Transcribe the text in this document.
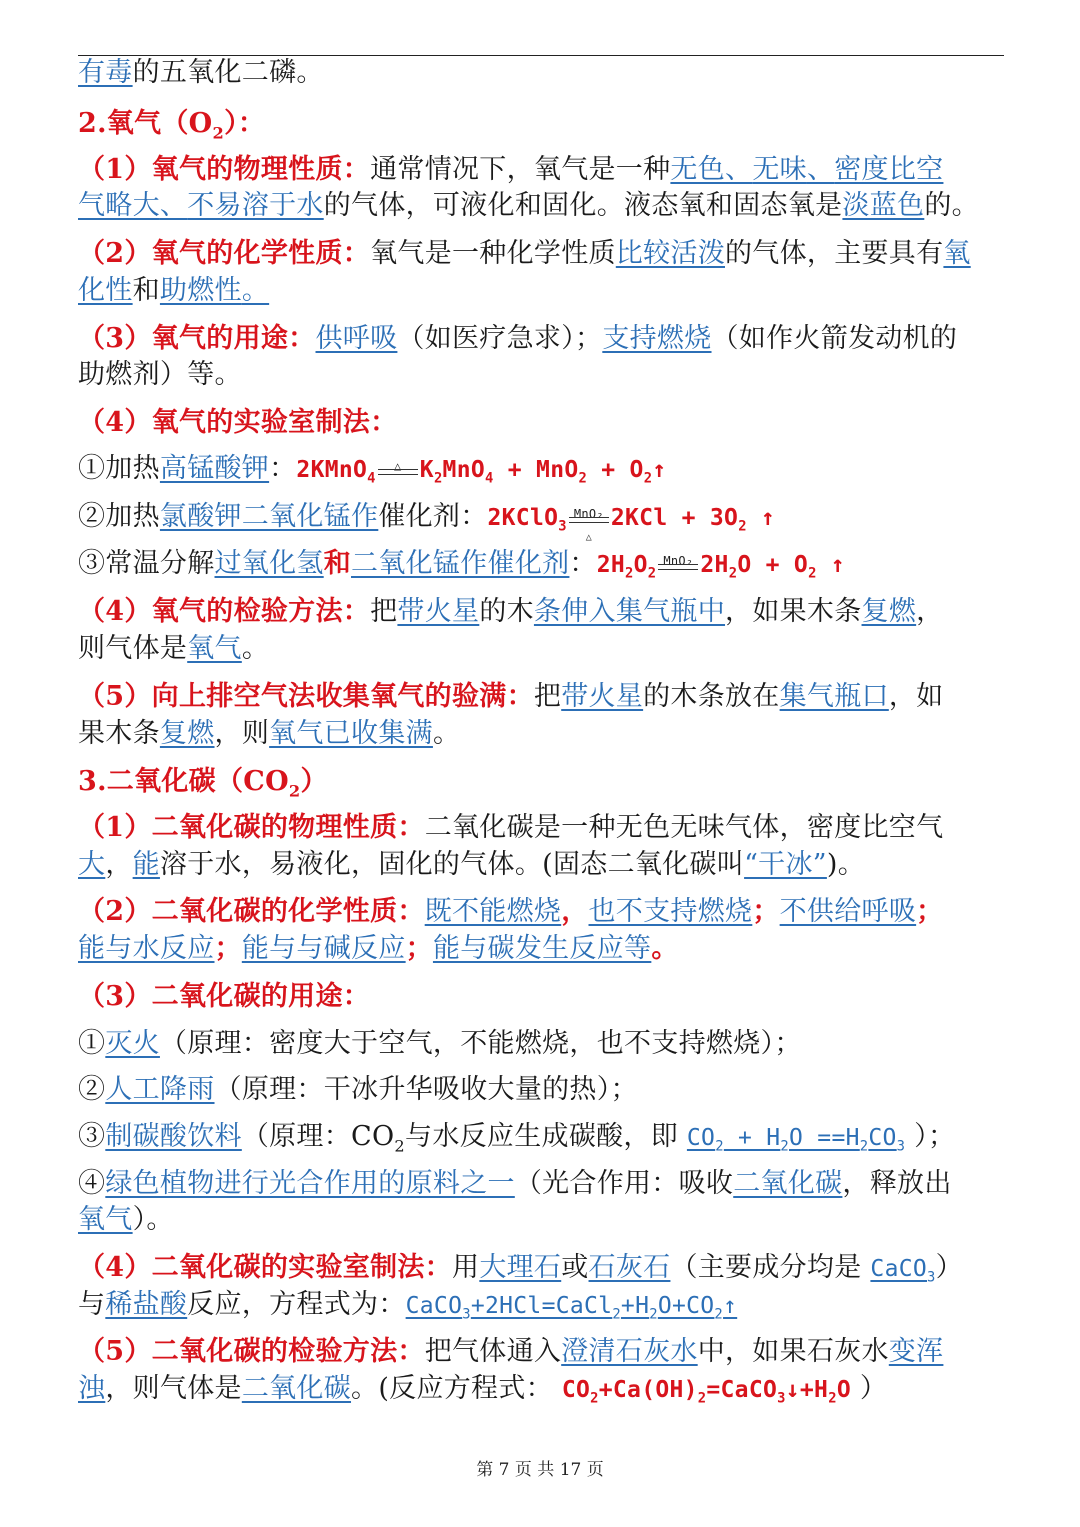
有毒的五氧化二磷。
2.氧气$(O_2)$：
（1）氧气的物理性质：通常情况下，氧气是一种无色、无味、密度比空
气略大、不易溶于水的气体，可液化和固化。液态氧和固态氧是淡蓝色的。
（2）氧气的化学性质：氧气是一种化学性质比较活泼的气体，主要具有氧
化性和助燃性。
（3）氧气的用途：供呼吸（如医疗急求）；支持燃烧（如作火箭发动机的
助燃剂）等。
（4）氧气的实验室制法：
①加热高锰酸钾：2KMnO$_4$
△ $K_2MnO_4 + MnO_2$ + $O_2↑$
②加热氯酸钾二氧化锰作催化剂：2KClO$_3$
MnO₂
△
$2KCl + 3O_2$ ↑
③常温分解过氧化氢和二氧化锰作催化剂：$2H_2O_2$
MnO₂ $2H_2O + O_2$ ↑
（4）氧气的检验方法：把带火星的木条伸入集气瓶中，如果木条复燃，
则气体是氧气。
（5）向上排空气法收集氧气的验满：把带火星的木条放在集气瓶口，如
果木条复燃，则氧气已收集满。
3.二氧化碳$(CO_2)$
（1）二氧化碳的物理性质：二氧化碳是一种无色无味气体，密度比空气
大，能溶于水，易液化，固化的气体。(固态二氧化碳叫“干冰”)。
（2）二氧化碳的化学性质：既不能燃烧，也不支持燃烧；不供给呼吸；
能与水反应；能与与碱反应；能与碳发生反应等。
（3）二氧化碳的用途：
①灭火（原理：密度大于空气，不能燃烧，也不支持燃烧）；
②人工降雨（原理：干冰升华吸收大量的热）；
③制碳酸饮料（原理：$CO_2$与水反应生成碳酸，即 $CO_2 + H_2O ==H_2CO_3$ ）；
④绿色植物进行光合作用的原料之一（光合作用：吸收二氧化碳，释放出
氧气）。
（4）二氧化碳的实验室制法：用大理石或石灰石（主要成分均是 CaCO$_3$）
与稀盐酸反应，方程式为：$CaCO_3+2HCl=CaCl_2+H_2O+CO_2↑$
（5）二氧化碳的检验方法：把气体通入澄清石灰水中，如果石灰水变浑
浊，则气体是二氧化碳。(反应方程式： $CO_2+Ca(OH)_2=CaCO_3↓+H_2O$ ）
第 7 页 共 17 页
